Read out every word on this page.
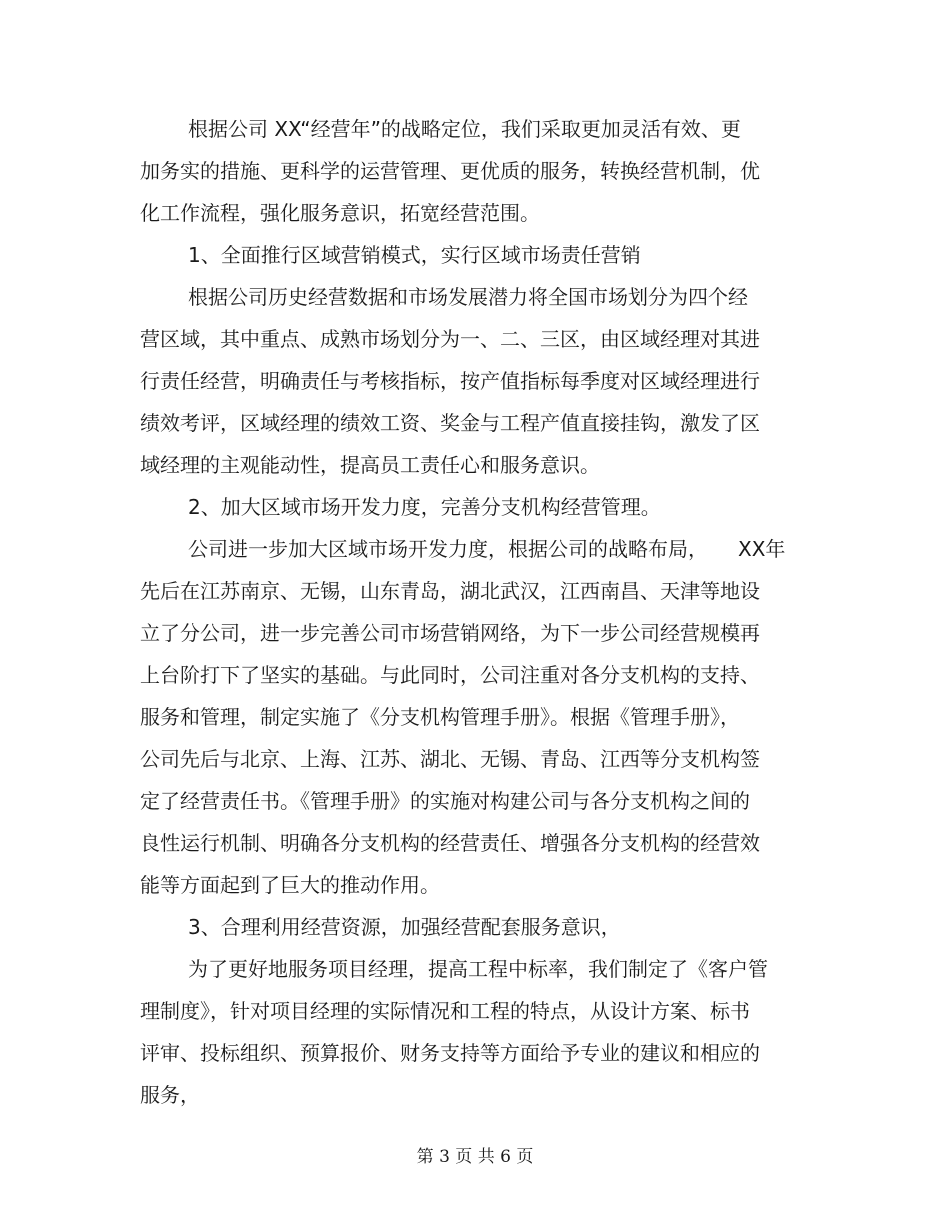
根据公司 XX“经营年”的战略定位，我们采取更加灵活有效、更
加务实的措施、更科学的运营管理、更优质的服务，转换经营机制，优
化工作流程，强化服务意识，拓宽经营范围。
1、全面推行区域营销模式，实行区域市场责任营销
根据公司历史经营数据和市场发展潜力将全国市场划分为四个经
营区域，其中重点、成熟市场划分为一、二、三区，由区域经理对其进
行责任经营，明确责任与考核指标，按产值指标每季度对区域经理进行
绩效考评，区域经理的绩效工资、奖金与工程产值直接挂钩，激发了区
域经理的主观能动性，提高员工责任心和服务意识。
2、加大区域市场开发力度，完善分支机构经营管理。
公司进一步加大区域市场开发力度，根据公司的战略布局，　　XX年
先后在江苏南京、无锡，山东青岛，湖北武汉，江西南昌、天津等地设
立了分公司，进一步完善公司市场营销网络，为下一步公司经营规模再
上台阶打下了坚实的基础。与此同时，公司注重对各分支机构的支持、
服务和管理，制定实施了《分支机构管理手册》。根据《管理手册》，
公司先后与北京、上海、江苏、湖北、无锡、青岛、江西等分支机构签
定了经营责任书。《管理手册》的实施对构建公司与各分支机构之间的
良性运行机制、明确各分支机构的经营责任、增强各分支机构的经营效
能等方面起到了巨大的推动作用。
3、合理利用经营资源，加强经营配套服务意识，
为了更好地服务项目经理，提高工程中标率，我们制定了《客户管
理制度》，针对项目经理的实际情况和工程的特点，从设计方案、标书
评审、投标组织、预算报价、财务支持等方面给予专业的建议和相应的
服务，
第 3 页 共 6 页
